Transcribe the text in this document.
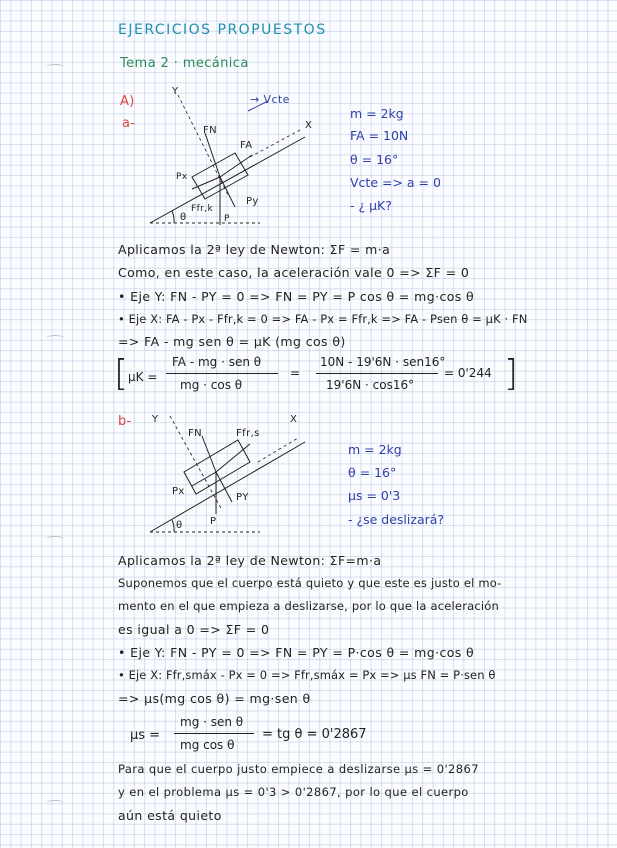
EJERCICIOS PROPUESTOS
Tema 2 · mecánica
A)
a-
Y
X
→ Vcte
FN
FA
Px
Py
Ffr,k
P
θ
m = 2kg
FA = 10N
θ = 16°
Vcte => a = 0
- ¿ μK?
Aplicamos la 2ª ley de Newton: ΣF = m·a
Como, en este caso, la aceleración vale 0 => ΣF = 0
• Eje Y: FN - PY = 0 => FN = PY = P cos θ = mg·cos θ
• Eje X: FA - Px - Ffr,k = 0 => FA - Px = Ffr,k => FA - Psen θ = μK · FN
=> FA - mg sen θ = μK (mg cos θ)
[ μK =
FA - mg · sen θ
mg · cos θ
=
10N - 19'6N · sen16°
19'6N · cos16°
= 0'244 ]
b- Y	X
FN	Ffr,s
Px
PY
P
θ
m = 2kg
θ = 16°
μs = 0'3
- ¿se deslizará?
Aplicamos la 2ª ley de Newton: ΣF=m·a
Suponemos que el cuerpo está quieto y que este es justo el mo-
mento en el que empieza a deslizarse, por lo que la aceleración
es igual a 0 => ΣF = 0
• Eje Y: FN - PY = 0 => FN = PY = P·cos θ = mg·cos θ
• Eje X: Ffr,smáx - Px = 0 => Ffr,smáx = Px => μs FN = P·sen θ
=> μs(mg cos θ) = mg·sen θ
μs =
mg · sen θ
mg cos θ
= tg θ = 0'2867
Para que el cuerpo justo empiece a deslizarse μs = 0'2867
y en el problema μs = 0'3 > 0'2867, por lo que el cuerpo
aún está quieto
